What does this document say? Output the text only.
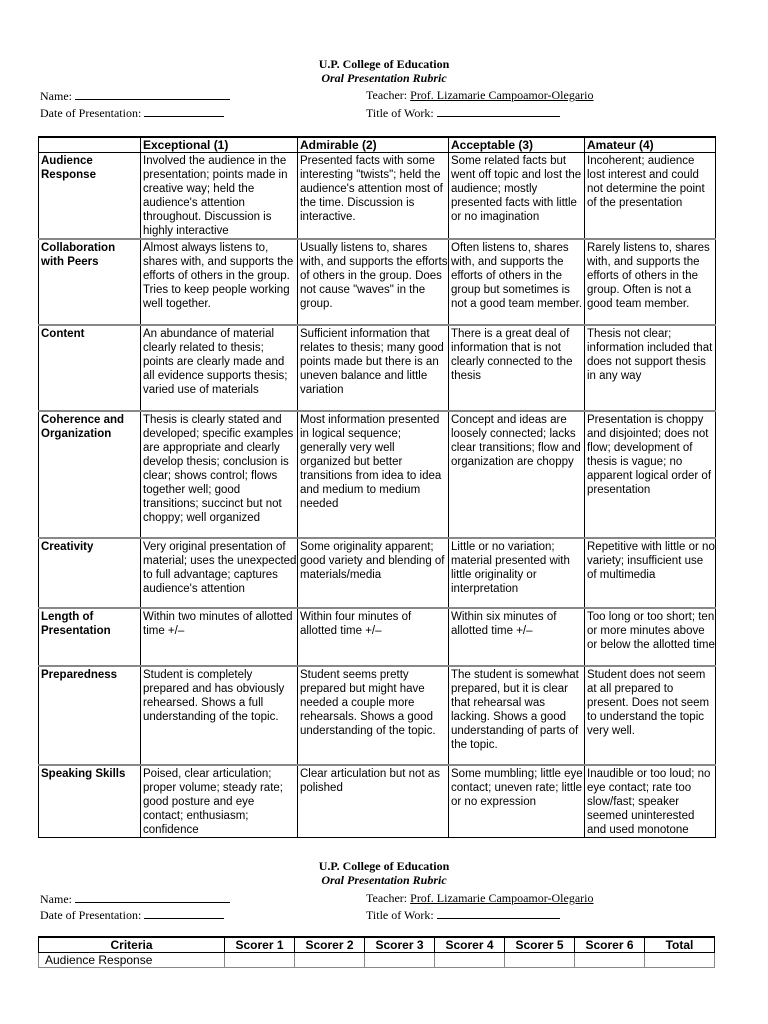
U.P. College of Education
Oral Presentation Rubric
Name:	Teacher: Prof. Lizamarie Campoamor-Olegario
Date of Presentation:	Title of Work:
	Exceptional (1)	Admirable (2)	Acceptable (3)	Amateur (4)
Audience Response	Involved the audience in the presentation; points made in creative way; held the audience's attention throughout. Discussion is highly interactive	Presented facts with some interesting "twists"; held the audience's attention most of the time. Discussion is interactive.	Some related facts but went off topic and lost the audience; mostly presented facts with little or no imagination	Incoherent; audience lost interest and could not determine the point of the presentation
Collaboration with Peers	Almost always listens to, shares with, and supports the efforts of others in the group. Tries to keep people working well together.	Usually listens to, shares with, and supports the efforts of others in the group. Does not cause "waves" in the group.	Often listens to, shares with, and supports the efforts of others in the group but sometimes is not a good team member.	Rarely listens to, shares with, and supports the efforts of others in the group. Often is not a good team member.
Content	An abundance of material clearly related to thesis; points are clearly made and all evidence supports thesis; varied use of materials	Sufficient information that relates to thesis; many good points made but there is an uneven balance and little variation	There is a great deal of information that is not clearly connected to the thesis	Thesis not clear; information included that does not support thesis in any way
Coherence and Organization	Thesis is clearly stated and developed; specific examples are appropriate and clearly develop thesis; conclusion is clear; shows control; flows together well; good transitions; succinct but not choppy; well organized	Most information presented in logical sequence; generally very well organized but better transitions from idea to idea and medium to medium needed	Concept and ideas are loosely connected; lacks clear transitions; flow and organization are choppy	Presentation is choppy and disjointed; does not flow; development of thesis is vague; no apparent logical order of presentation
Creativity	Very original presentation of material; uses the unexpected to full advantage; captures audience's attention	Some originality apparent; good variety and blending of materials/media	Little or no variation; material presented with little originality or interpretation	Repetitive with little or no variety; insufficient use of multimedia
Length of Presentation	Within two minutes of allotted time +/–	Within four minutes of allotted time +/–	Within six minutes of allotted time +/–	Too long or too short; ten or more minutes above or below the allotted time
Preparedness	Student is completely prepared and has obviously rehearsed. Shows a full understanding of the topic.	Student seems pretty prepared but might have needed a couple more rehearsals. Shows a good understanding of the topic.	The student is somewhat prepared, but it is clear that rehearsal was lacking. Shows a good understanding of parts of the topic.	Student does not seem at all prepared to present. Does not seem to understand the topic very well.
Speaking Skills	Poised, clear articulation; proper volume; steady rate; good posture and eye contact; enthusiasm; confidence	Clear articulation but not as polished	Some mumbling; little eye contact; uneven rate; little or no expression	Inaudible or too loud; no eye contact; rate too slow/fast; speaker seemed uninterested and used monotone
U.P. College of Education
Oral Presentation Rubric
Name:	Teacher: Prof. Lizamarie Campoamor-Olegario
Date of Presentation:	Title of Work:
Criteria	Scorer 1	Scorer 2	Scorer 3	Scorer 4	Scorer 5	Scorer 6	Total
Audience Response							
